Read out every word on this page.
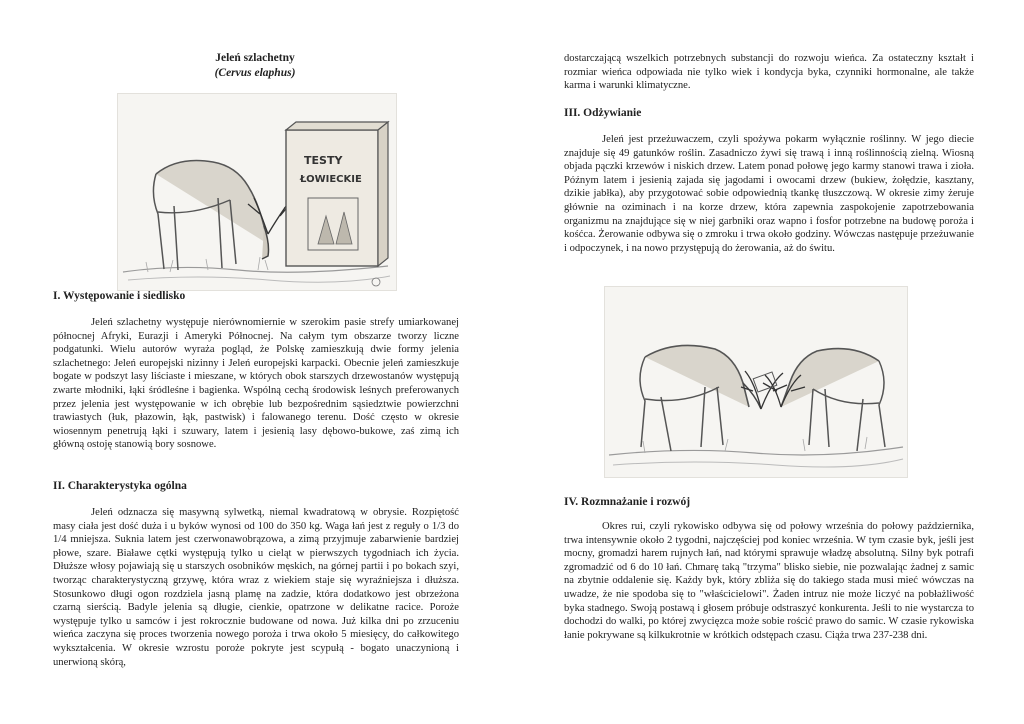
Jeleń szlachetny
(Cervus elaphus)
TESTY
ŁOWIECKIE
I. Występowanie i siedlisko

Jeleń szlachetny występuje nierównomiernie w szerokim pasie strefy umiarkowanej północnej Afryki, Eurazji i Ameryki Północnej. Na całym tym obszarze tworzy liczne podgatunki. Wielu autorów wyraża pogląd, że Polskę zamieszkują dwie formy jelenia szlachetnego: Jeleń europejski nizinny i Jeleń europejski karpacki. Obecnie jeleń zamieszkuje bogate w podszyt lasy liściaste i mieszane, w których obok starszych drzewostanów występują zwarte młodniki, łąki śródleśne i bagienka. Wspólną cechą środowisk leśnych preferowanych przez jelenia jest występowanie w ich obrębie lub bezpośrednim sąsiedztwie powierzchni trawiastych (łuk, płazowin, łąk, pastwisk) i falowanego terenu. Dość często w okresie wiosennym penetrują łąki i szuwary, latem i jesienią lasy dębowo-bukowe, zaś zimą ich główną ostoję stanowią bory sosnowe.

II. Charakterystyka ogólna

Jeleń odznacza się masywną sylwetką, niemal kwadratową w obrysie. Rozpiętość masy ciała jest dość duża i u byków wynosi od 100 do 350 kg. Waga łań jest z reguły o 1/3 do 1/4 mniejsza. Suknia latem jest czerwonawobrązowa, a zimą przyjmuje zabarwienie bardziej płowe, szare. Białawe cętki występują tylko u cieląt w pierwszych tygodniach ich życia. Dłuższe włosy pojawiają się u starszych osobników męskich, na górnej partii i po bokach szyi, tworząc charakterystyczną grzywę, która wraz z wiekiem staje się wyraźniejsza i dłuższa. Stosunkowo długi ogon rozdziela jasną plamę na zadzie, która dodatkowo jest obrzeżona czarną sierścią. Badyle jelenia są długie, cienkie, opatrzone w delikatne racice. Poroże występuje tylko u samców i jest rokrocznie budowane od nowa. Już kilka dni po zrzuceniu wieńca zaczyna się proces tworzenia nowego poroża i trwa około 5 miesięcy, do całkowitego wykształcenia. W okresie wzrostu poroże pokryte jest scypułą - bogato unaczynioną i unerwioną skórą,

dostarczającą wszelkich potrzebnych substancji do rozwoju wieńca. Za ostateczny kształt i rozmiar wieńca odpowiada nie tylko wiek i kondycja byka, czynniki hormonalne, ale także karma i warunki klimatyczne.

III. Odżywianie

Jeleń jest przeżuwaczem, czyli spożywa pokarm wyłącznie roślinny. W jego diecie znajduje się 49 gatunków roślin. Zasadniczo żywi się trawą i inną roślinnością zielną. Wiosną objada pączki krzewów i niskich drzew. Latem ponad połowę jego karmy stanowi trawa i zioła. Późnym latem i jesienią zajada się jagodami i owocami drzew (bukiew, żołędzie, kasztany, dzikie jabłka), aby przygotować sobie odpowiednią tkankę tłuszczową. W okresie zimy żeruje głównie na oziminach i na korze drzew, która zapewnia zaspokojenie zapotrzebowania organizmu na znajdujące się w niej garbniki oraz wapno i fosfor potrzebne na budowę poroża i kośćca. Żerowanie odbywa się o zmroku i trwa około godziny. Wówczas następuje przeżuwanie i odpoczynek, i na nowo przystępują do żerowania, aż do świtu.

IV. Rozmnażanie i rozwój

Okres rui, czyli rykowisko odbywa się od połowy września do połowy października, trwa intensywnie około 2 tygodni, najczęściej pod koniec września. W tym czasie byk, jeśli jest mocny, gromadzi harem rujnych łań, nad którymi sprawuje władzę absolutną. Silny byk potrafi zgromadzić od 6 do 10 łań. Chmarę taką "trzyma" blisko siebie, nie pozwalając żadnej z samic na zbytnie oddalenie się. Każdy byk, który zbliża się do takiego stada musi mieć wówczas na uwadze, że nie spodoba się to "właścicielowi". Żaden intruz nie może liczyć na pobłażliwość byka stadnego. Swoją postawą i głosem próbuje odstraszyć konkurenta. Jeśli to nie wystarcza to dochodzi do walki, po której zwycięzca może sobie rościć prawo do samic. W czasie rykowiska łanie pokrywane są kilkukrotnie w krótkich odstępach czasu. Ciąża trwa 237-238 dni.
